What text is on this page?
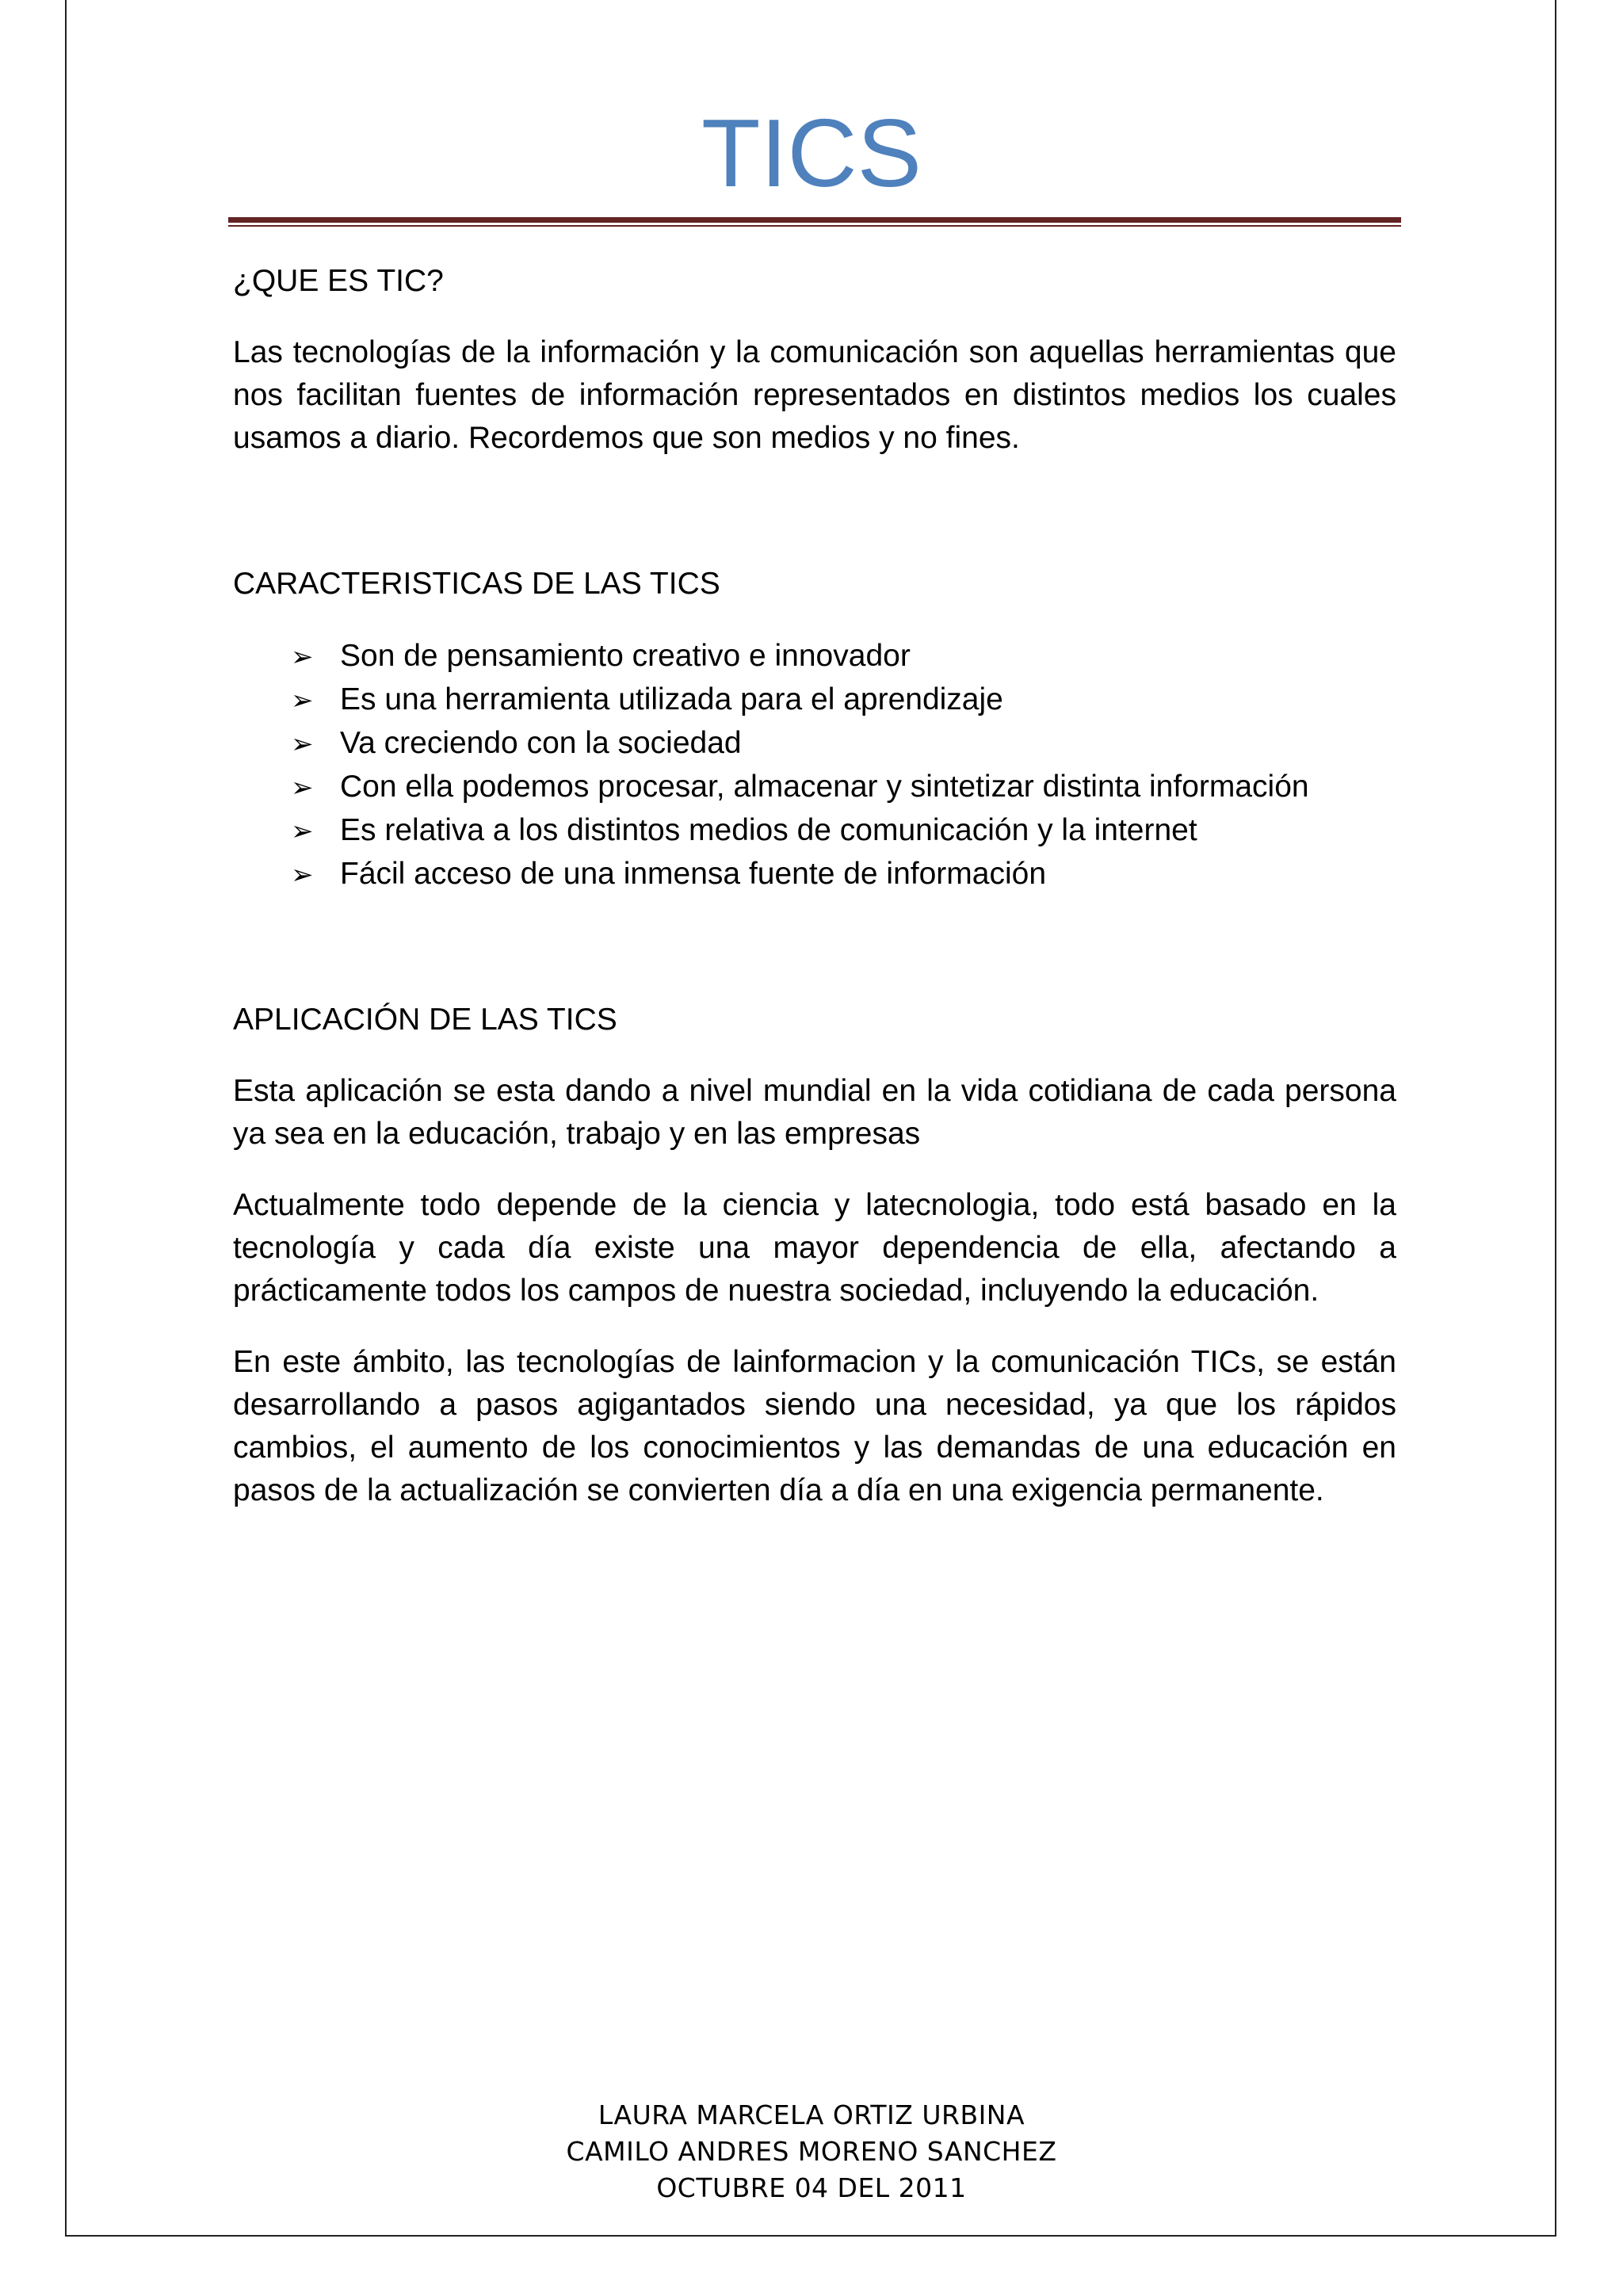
TICS
¿QUE ES TIC?

Las tecnologías de la información y la comunicación son aquellas herramientas que nos facilitan fuentes de información representados en distintos medios los cuales usamos a diario. Recordemos que son medios y no fines.

CARACTERISTICAS DE LAS TICS
➢ Son de pensamiento creativo e innovador
➢ Es una herramienta utilizada para el aprendizaje
➢ Va creciendo con la sociedad
➢ Con ella podemos procesar, almacenar y sintetizar distinta información
➢ Es relativa a los distintos medios de comunicación y la internet
➢ Fácil acceso de una inmensa fuente de información
APLICACIÓN DE LAS TICS

Esta aplicación se esta dando a nivel mundial en la vida cotidiana de cada persona ya sea en la educación, trabajo y en las empresas

Actualmente todo depende de la ciencia y latecnologia, todo está basado en la tecnología y cada día existe una mayor dependencia de ella, afectando a prácticamente todos los campos de nuestra sociedad, incluyendo la educación.

En este ámbito, las tecnologías de lainformacion y la comunicación TICs, se están desarrollando a pasos agigantados siendo una necesidad, ya que los rápidos cambios, el aumento de los conocimientos y las demandas de una educación en pasos de la actualización se convierten día a día en una exigencia permanente.

LAURA MARCELA ORTIZ URBINA
CAMILO ANDRES MORENO SANCHEZ
OCTUBRE 04 DEL 2011
